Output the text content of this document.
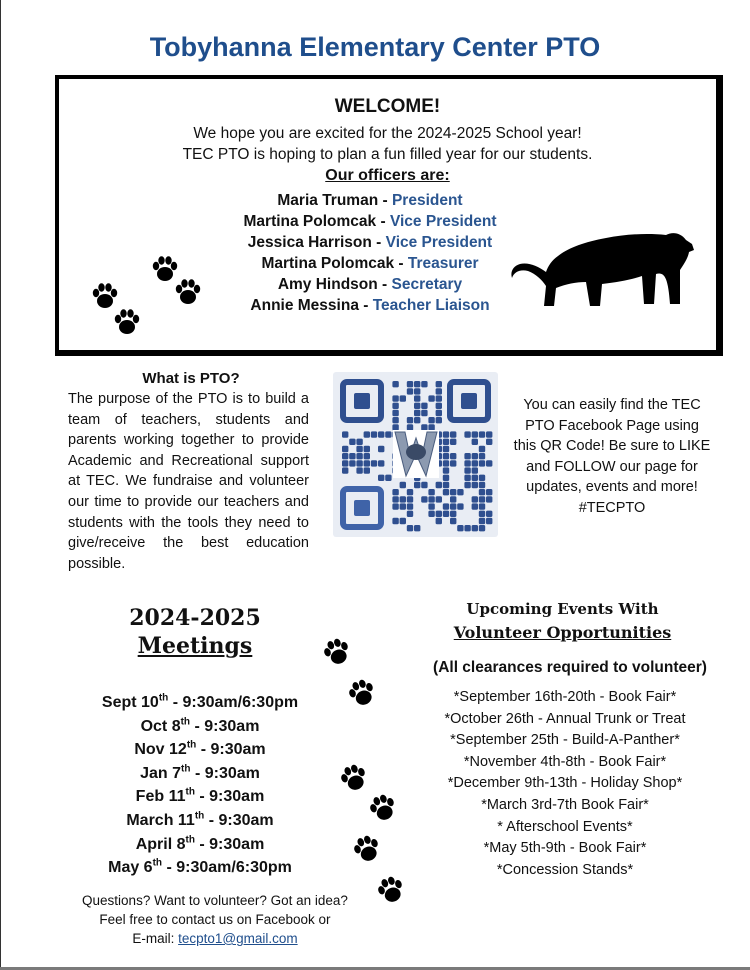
Tobyhanna Elementary Center PTO
WELCOME!
We hope you are excited for the 2024-2025 School year!
TEC PTO is hoping to plan a fun filled year for our students.
Our officers are:
Maria Truman - President
Martina Polomcak - Vice President
Jessica Harrison - Vice President
Martina Polomcak - Treasurer
Amy Hindson - Secretary
Annie Messina - Teacher Liaison
What is PTO?
The purpose of the PTO is to build a team of teachers, students and parents working together to provide Academic and Recreational support at TEC. We fundraise and volunteer our time to provide our teachers and students with the tools they need to give/receive the best education possible.
W
You can easily find the TEC PTO Facebook Page using this QR Code! Be sure to LIKE and FOLLOW our page for updates, events and more! #TECPTO
2024-2025
Meetings
Sept 10th - 9:30am/6:30pm
Oct 8th - 9:30am
Nov 12th - 9:30am
Jan 7th - 9:30am
Feb 11th - 9:30am
March 11th - 9:30am
April 8th - 9:30am
May 6th - 9:30am/6:30pm
Upcoming Events With
Volunteer Opportunities
(All clearances required to volunteer)
*September 16th-20th - Book Fair*
*October 26th - Annual Trunk or Treat
*September 25th - Build-A-Panther*
*November 4th-8th - Book Fair*
*December 9th-13th - Holiday Shop*
*March 3rd-7th Book Fair*
* Afterschool Events*
*May 5th-9th - Book Fair*
*Concession Stands*
Questions? Want to volunteer? Got an idea?
Feel free to contact us on Facebook or
E-mail: tecpto1@gmail.com
